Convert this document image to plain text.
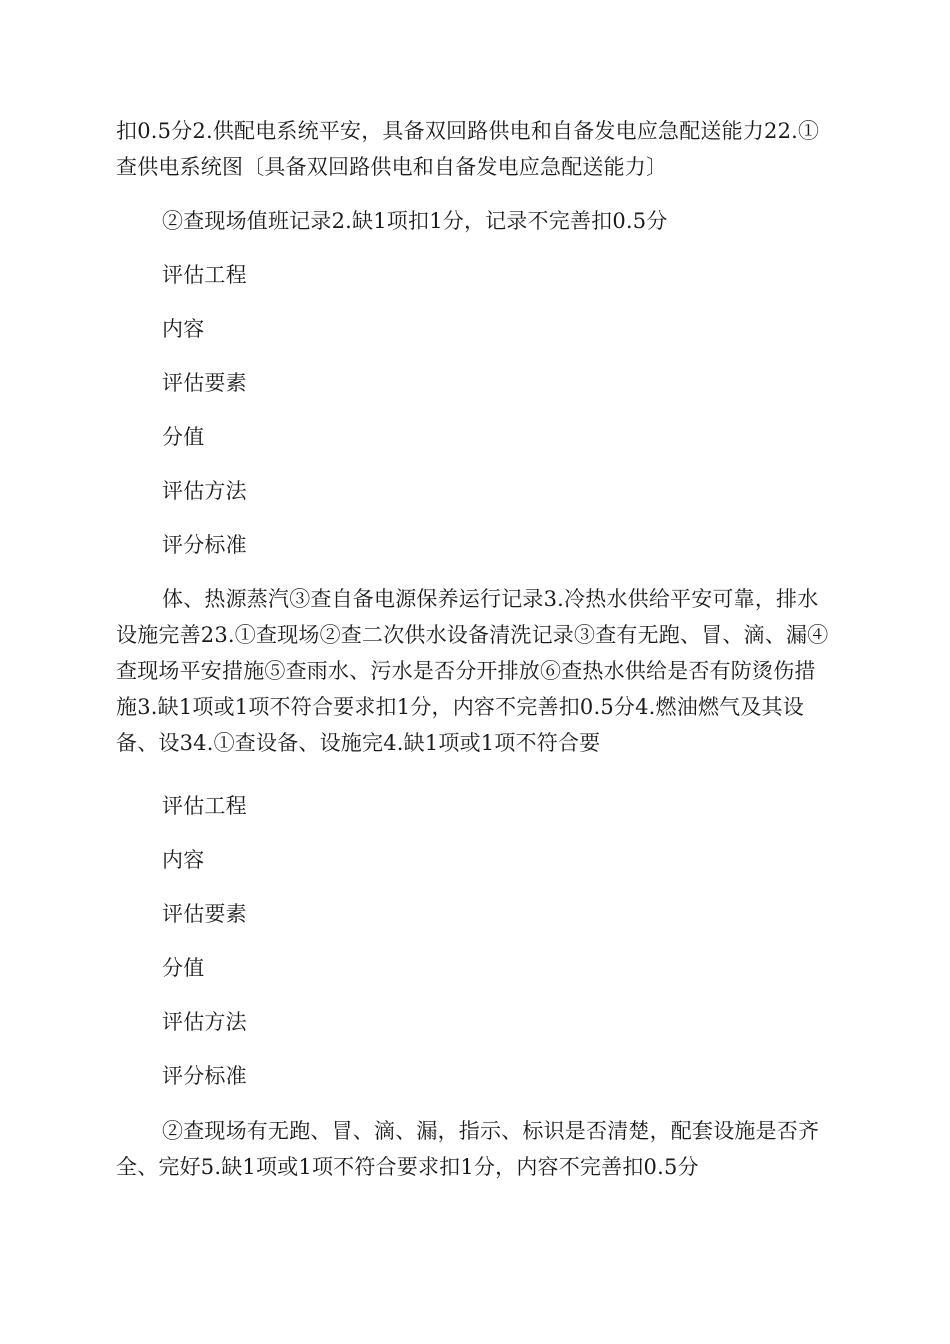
扣0.5分2.供配电系统平安，具备双回路供电和自备发电应急配送能力22.①查供电系统图〔具备双回路供电和自备发电应急配送能力〕

②查现场值班记录2.缺1项扣1分，记录不完善扣0.5分

评估工程

内容

评估要素

分值

评估方法

评分标准

体、热源蒸汽③查自备电源保养运行记录3.冷热水供给平安可靠，排水设施完善23.①查现场②查二次供水设备清洗记录③查有无跑、冒、滴、漏④查现场平安措施⑤查雨水、污水是否分开排放⑥查热水供给是否有防烫伤措施3.缺1项或1项不符合要求扣1分，内容不完善扣0.5分4.燃油燃气及其设备、设34.①查设备、设施完4.缺1项或1项不符合要

评估工程

内容

评估要素

分值

评估方法

评分标准

②查现场有无跑、冒、滴、漏，指示、标识是否清楚，配套设施是否齐全、完好5.缺1项或1项不符合要求扣1分，内容不完善扣0.5分
